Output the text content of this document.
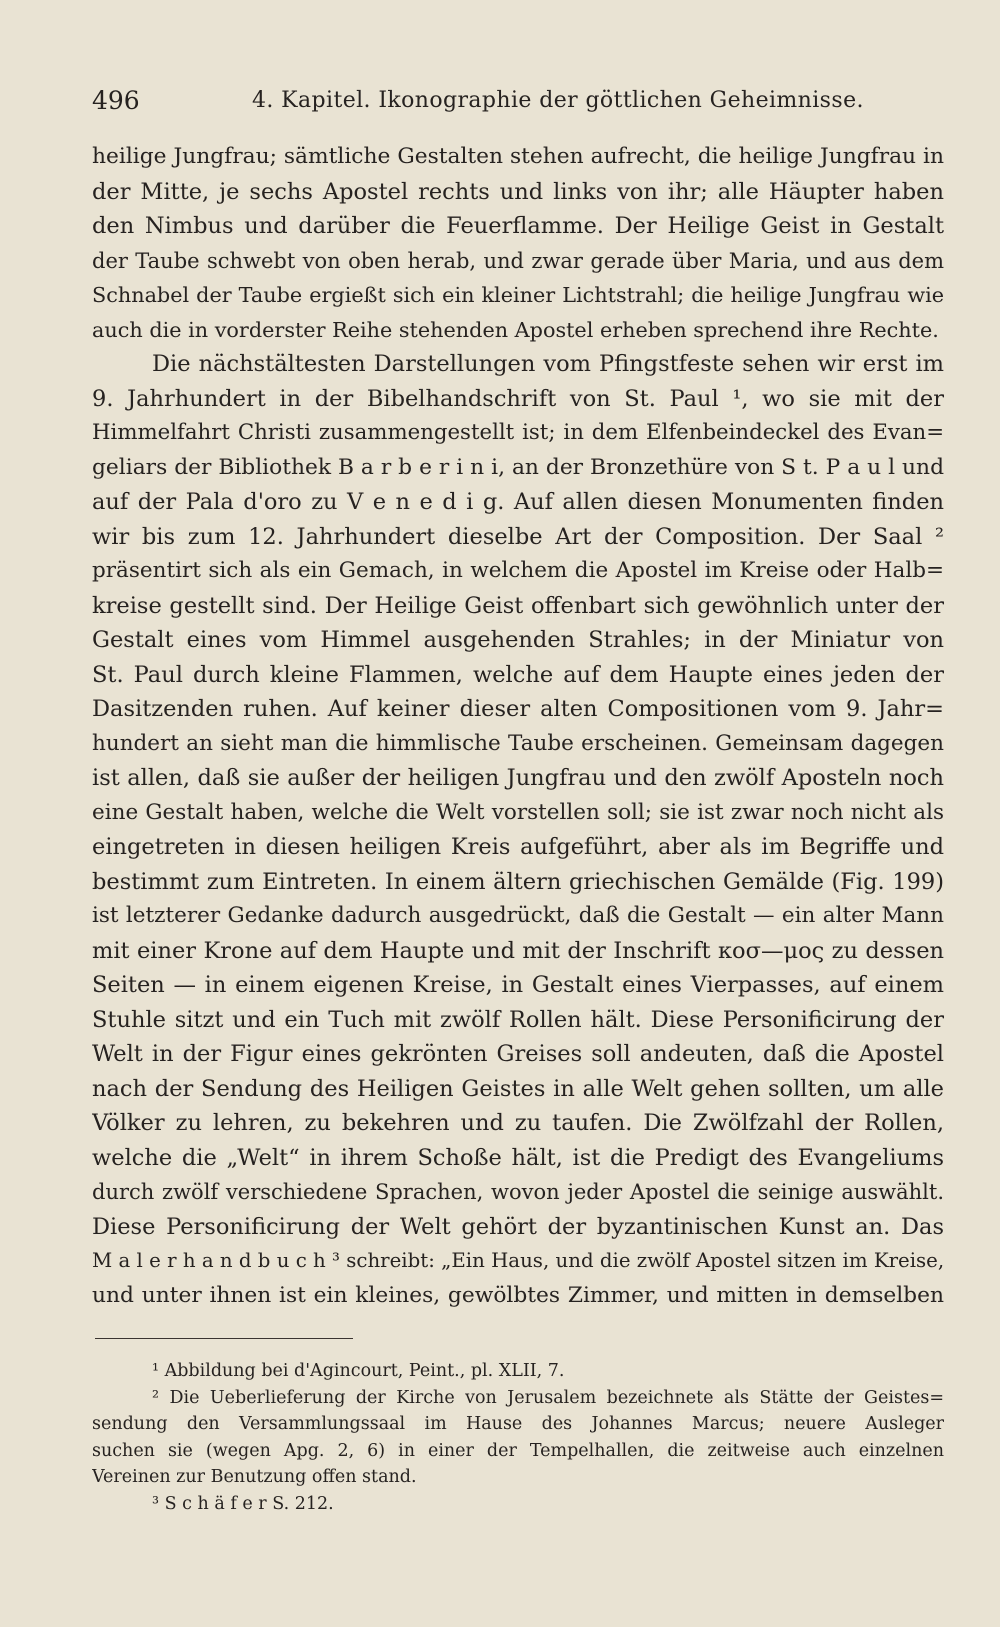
496	4. Kapitel. Ikonographie der göttlichen Geheimnisse.
heilige Jungfrau; sämtliche Gestalten stehen aufrecht, die heilige Jungfrau in
der Mitte, je sechs Apostel rechts und links von ihr; alle Häupter haben
den Nimbus und darüber die Feuerflamme. Der Heilige Geist in Gestalt
der Taube schwebt von oben herab, und zwar gerade über Maria, und aus dem
Schnabel der Taube ergießt sich ein kleiner Lichtstrahl; die heilige Jungfrau wie
auch die in vorderster Reihe stehenden Apostel erheben sprechend ihre Rechte.
Die nächstältesten Darstellungen vom Pfingstfeste sehen wir erst im
9. Jahrhundert in der Bibelhandschrift von St. Paul ¹, wo sie mit der
Himmelfahrt Christi zusammengestellt ist; in dem Elfenbeindeckel des Evan=
geliars der Bibliothek B a r b e r i n i, an der Bronzethüre von S t. P a u l und
auf der Pala d'oro zu V e n e d i g. Auf allen diesen Monumenten finden
wir bis zum 12. Jahrhundert dieselbe Art der Composition. Der Saal ²
präsentirt sich als ein Gemach, in welchem die Apostel im Kreise oder Halb=
kreise gestellt sind. Der Heilige Geist offenbart sich gewöhnlich unter der
Gestalt eines vom Himmel ausgehenden Strahles; in der Miniatur von
St. Paul durch kleine Flammen, welche auf dem Haupte eines jeden der
Dasitzenden ruhen. Auf keiner dieser alten Compositionen vom 9. Jahr=
hundert an sieht man die himmlische Taube erscheinen. Gemeinsam dagegen
ist allen, daß sie außer der heiligen Jungfrau und den zwölf Aposteln noch
eine Gestalt haben, welche die Welt vorstellen soll; sie ist zwar noch nicht als
eingetreten in diesen heiligen Kreis aufgeführt, aber als im Begriffe und
bestimmt zum Eintreten. In einem ältern griechischen Gemälde (Fig. 199)
ist letzterer Gedanke dadurch ausgedrückt, daß die Gestalt — ein alter Mann
mit einer Krone auf dem Haupte und mit der Inschrift κοσ—μος zu dessen
Seiten — in einem eigenen Kreise, in Gestalt eines Vierpasses, auf einem
Stuhle sitzt und ein Tuch mit zwölf Rollen hält. Diese Personificirung der
Welt in der Figur eines gekrönten Greises soll andeuten, daß die Apostel
nach der Sendung des Heiligen Geistes in alle Welt gehen sollten, um alle
Völker zu lehren, zu bekehren und zu taufen. Die Zwölfzahl der Rollen,
welche die „Welt“ in ihrem Schoße hält, ist die Predigt des Evangeliums
durch zwölf verschiedene Sprachen, wovon jeder Apostel die seinige auswählt.
Diese Personificirung der Welt gehört der byzantinischen Kunst an. Das
M a l e r h a n d b u c h ³ schreibt: „Ein Haus, und die zwölf Apostel sitzen im Kreise,
und unter ihnen ist ein kleines, gewölbtes Zimmer, und mitten in demselben
¹ Abbildung bei d'Agincourt, Peint., pl. XLII, 7.
² Die Ueberlieferung der Kirche von Jerusalem bezeichnete als Stätte der Geistes=
sendung den Versammlungssaal im Hause des Johannes Marcus; neuere Ausleger
suchen sie (wegen Apg. 2, 6) in einer der Tempelhallen, die zeitweise auch einzelnen
Vereinen zur Benutzung offen stand.
³ S c h ä f e r S. 212.
